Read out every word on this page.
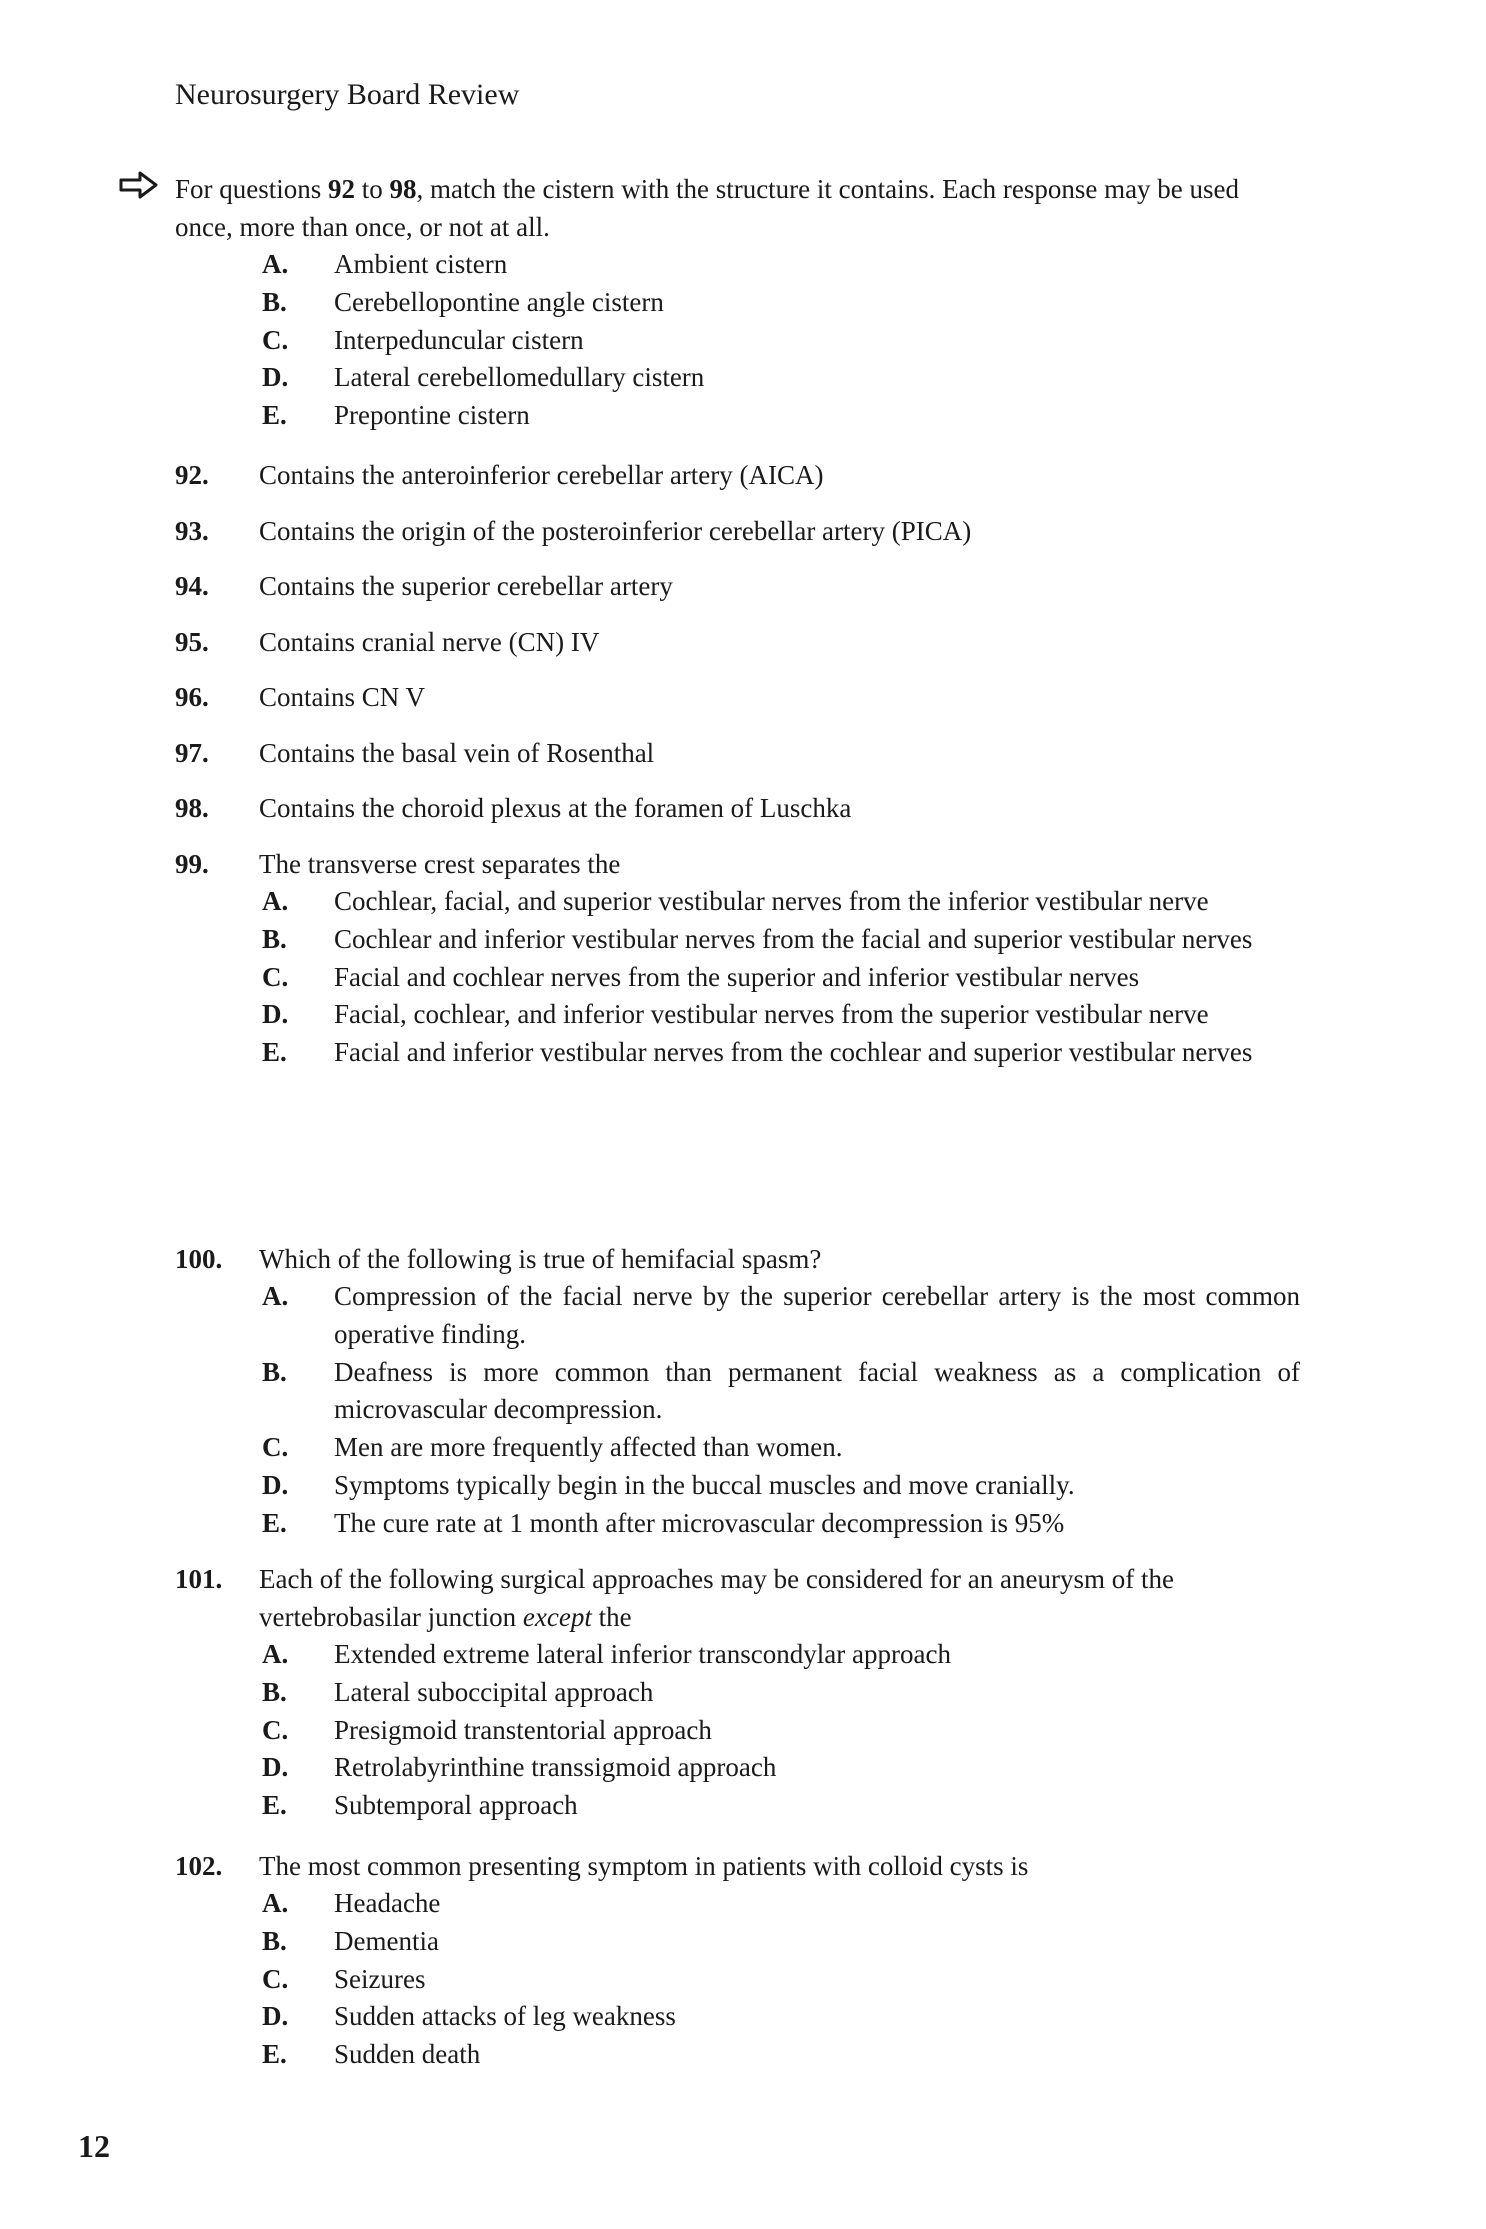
Neurosurgery Board Review
For questions 92 to 98, match the cistern with the structure it contains. Each response may be used once, more than once, or not at all.
A.	Ambient cistern
B.	Cerebellopontine angle cistern
C.	Interpeduncular cistern
D.	Lateral cerebellomedullary cistern
E.	Prepontine cistern
92.	Contains the anteroinferior cerebellar artery (AICA)
93.	Contains the origin of the posteroinferior cerebellar artery (PICA)
94.	Contains the superior cerebellar artery
95.	Contains cranial nerve (CN) IV
96.	Contains CN V
97.	Contains the basal vein of Rosenthal
98.	Contains the choroid plexus at the foramen of Luschka
99.	The transverse crest separates the
A.	Cochlear, facial, and superior vestibular nerves from the inferior vestibular nerve
B.	Cochlear and inferior vestibular nerves from the facial and superior vestibular nerves
C.	Facial and cochlear nerves from the superior and inferior vestibular nerves
D.	Facial, cochlear, and inferior vestibular nerves from the superior vestibular nerve
E.	Facial and inferior vestibular nerves from the cochlear and superior vestibular nerves
100.	Which of the following is true of hemifacial spasm?
A.	Compression of the facial nerve by the superior cerebellar artery is the most common operative finding.
B.	Deafness is more common than permanent facial weakness as a complication of microvascular decompression.
C.	Men are more frequently affected than women.
D.	Symptoms typically begin in the buccal muscles and move cranially.
E.	The cure rate at 1 month after microvascular decompression is 95%
101.	Each of the following surgical approaches may be considered for an aneurysm of the vertebrobasilar junction except the
A.	Extended extreme lateral inferior transcondylar approach
B.	Lateral suboccipital approach
C.	Presigmoid transtentorial approach
D.	Retrolabyrinthine transsigmoid approach
E.	Subtemporal approach
102.	The most common presenting symptom in patients with colloid cysts is
A.	Headache
B.	Dementia
C.	Seizures
D.	Sudden attacks of leg weakness
E.	Sudden death
12
